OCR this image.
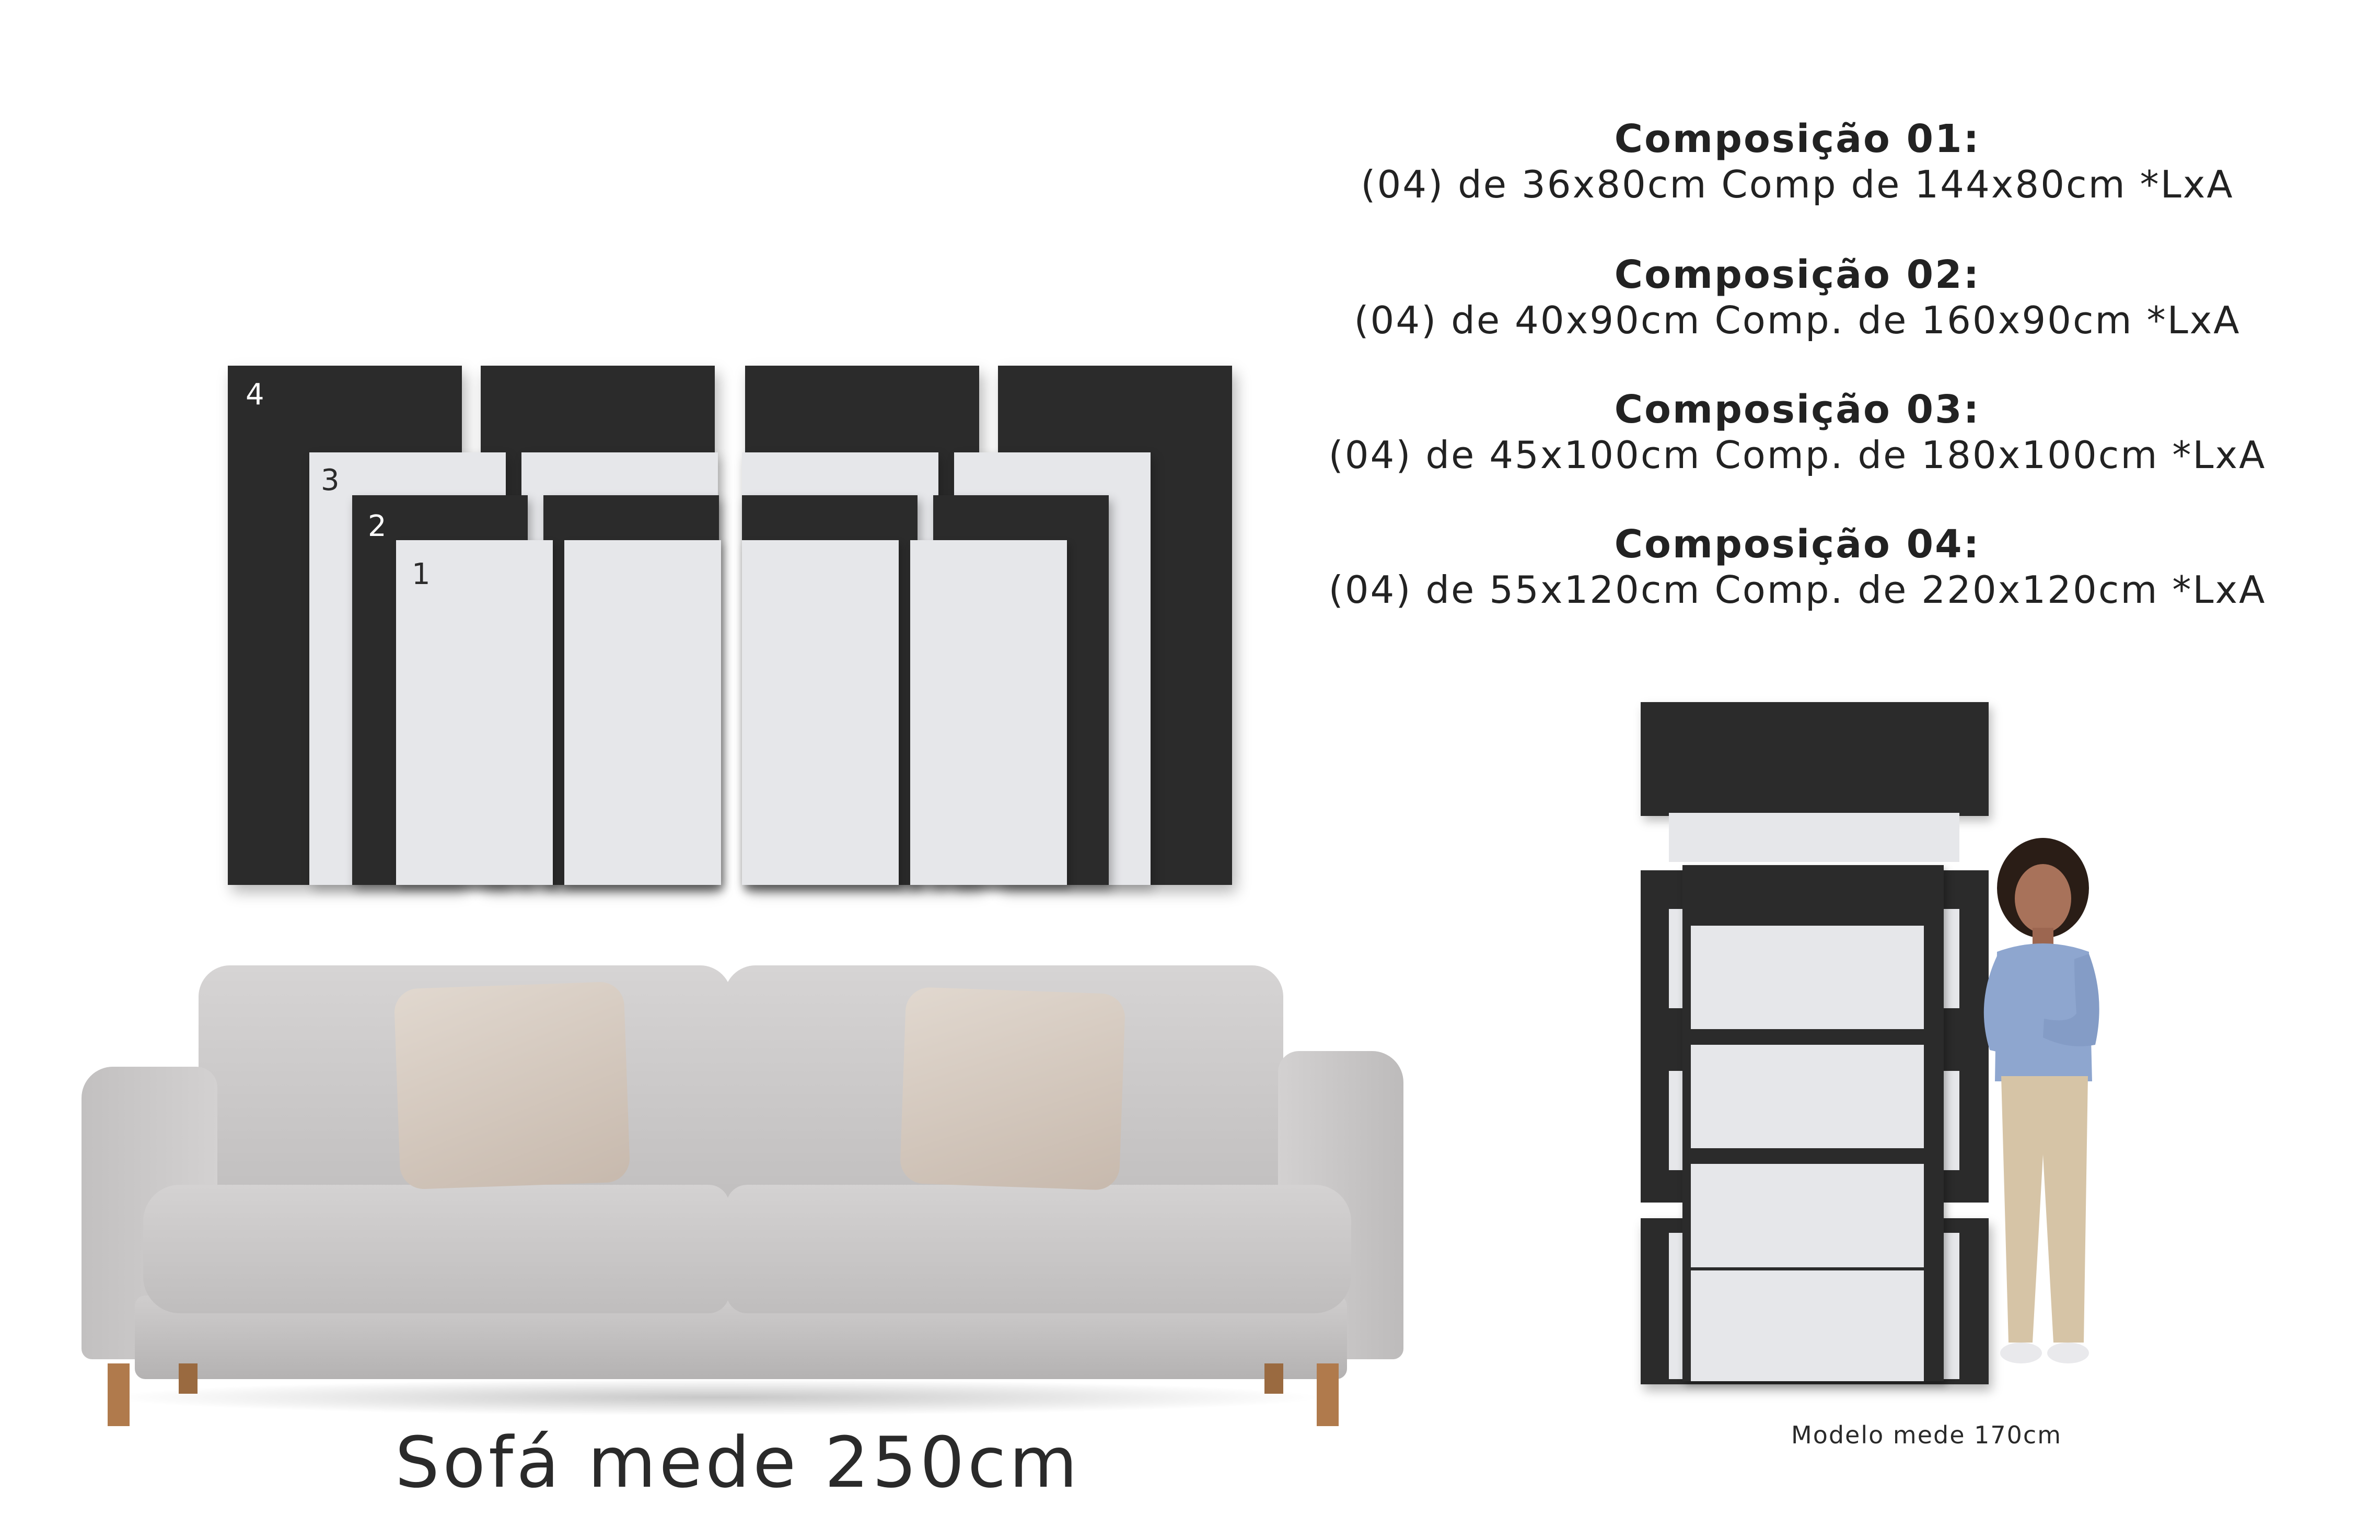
4
3
2
1
Sofá mede 250cm
Composição 01:
(04) de 36x80cm Comp de 144x80cm *LxA
Composição 02:
(04) de 40x90cm Comp. de 160x90cm *LxA
Composição 03:
(04) de 45x100cm Comp. de 180x100cm *LxA
Composição 04:
(04) de 55x120cm Comp. de 220x120cm *LxA
Modelo mede 170cm
